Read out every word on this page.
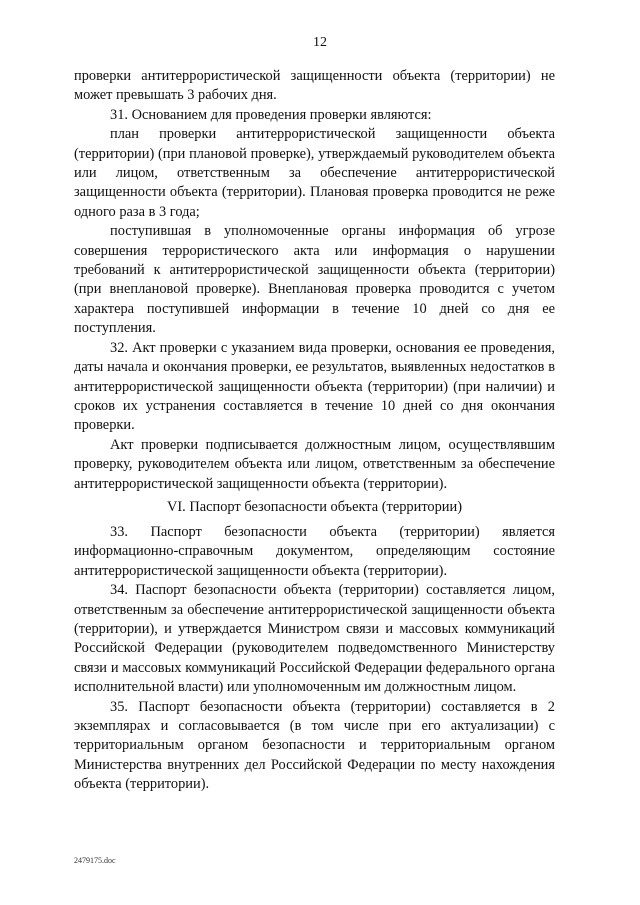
12

проверки антитеррористической защищенности объекта (территории) не может превышать 3 рабочих дня.

31. Основанием для проведения проверки являются:

план проверки антитеррористической защищенности объекта (территории) (при плановой проверке), утверждаемый руководителем объекта или лицом, ответственным за обеспечение антитеррористической защищенности объекта (территории). Плановая проверка проводится не реже одного раза в 3 года;

поступившая в уполномоченные органы информация об угрозе совершения террористического акта или информация о нарушении требований к антитеррористической защищенности объекта (территории) (при внеплановой проверке). Внеплановая проверка проводится с учетом характера поступившей информации в течение 10 дней со дня ее поступления.

32. Акт проверки с указанием вида проверки, основания ее проведения, даты начала и окончания проверки, ее результатов, выявленных недостатков в антитеррористической защищенности объекта (территории) (при наличии) и сроков их устранения составляется в течение 10 дней со дня окончания проверки.

Акт проверки подписывается должностным лицом, осуществлявшим проверку, руководителем объекта или лицом, ответственным за обеспечение антитеррористической защищенности объекта (территории).

VI. Паспорт безопасности объекта (территории)

33. Паспорт безопасности объекта (территории) является информационно-справочным документом, определяющим состояние антитеррористической защищенности объекта (территории).

34. Паспорт безопасности объекта (территории) составляется лицом, ответственным за обеспечение антитеррористической защищенности объекта (территории), и утверждается Министром связи и массовых коммуникаций Российской Федерации (руководителем подведомственного Министерству связи и массовых коммуникаций Российской Федерации федерального органа исполнительной власти) или уполномоченным им должностным лицом.

35. Паспорт безопасности объекта (территории) составляется в 2 экземплярах и согласовывается (в том числе при его актуализации) с территориальным органом безопасности и территориальным органом Министерства внутренних дел Российской Федерации по месту нахождения объекта (территории).

2479175.doc
